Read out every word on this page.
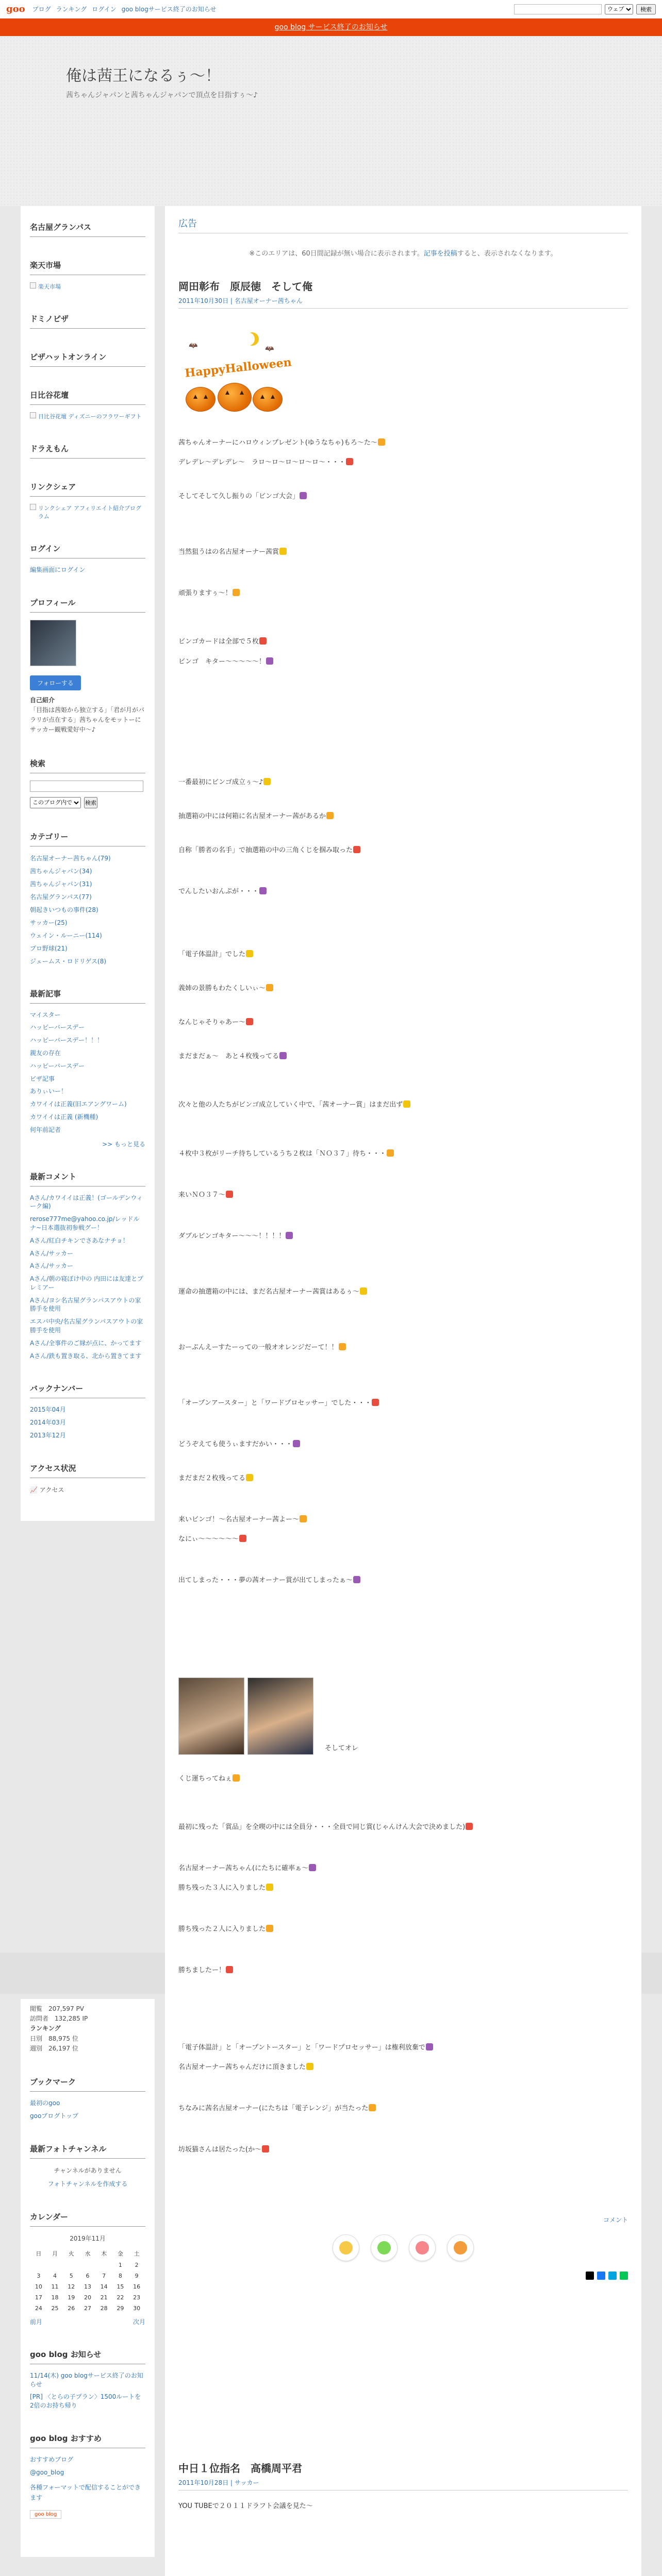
goo ブログ ランキング ログイン goo blogサービス終了のお知らせ
ウェブ	検索
goo blog サービス終了のお知らせ
俺は茜王になるぅ～！
茜ちゃんジャパンと茜ちゃんジャパンで頂点を目指すぅ～♪
名古屋グランパス
楽天市場
楽天市場
ドミノピザ
ピザハットオンライン
日比谷花壇
日比谷花壇 ディズニーのフラワーギフト
ドラえもん
リンクシェア
リンクシェア アフィリエイト紹介プログラム
ログイン
編集画面にログイン
プロフィール
フォローする
自己紹介
「目指は茜姫から独立する」「君が月がパラリが点在する」茜ちゃんをモットーにサッカー観戦愛好中～♪
検索
このブログ内で
検索
カテゴリー
名古屋オーナー茜ちゃん(79)
茜ちゃんジャパン(34)
茜ちゃんジャパン(31)
名古屋グランパス(77)
朝起きいつもの事件(28)
サッカー(25)
ウェイン・ルーニー(114)
プロ野球(21)
ジェームス・ロドリゲス(8)
最新記事
マイスター
ハッピーバースデー
ハッピーバースデー！！！
親友の存在
ハッピーバースデー
ビザ記事
ありぃいー！
カワイイは正義(旧エアングワーム)
カワイイは正義 (新機種)
何年前記者
>> もっと見る
最新コメント
Aさん/カワイイは正義！(ゴールデンウィーク編)
rerose777me@yahoo.co.jp/レッドルナ~日本選抜初参戦グー！
Aさん/紅白チキンでさあなナチョ！
Aさん/サッカー
Aさん/サッカー
Aさん/朝の寝ぼけ中の 内田には友達とプレミアー
Aさん/ヨシ名古屋グランパスアウトの家勝手を使用
エスパ中央/名古屋グランパスアウトの家勝手を使用
Aさん/全事件のご縁が点に、かってます
Aさん/鉄も置き取る、北から置きてます
バックナンバー
2015年04月
2014年03月
2013年12月
アクセス状況
📈 アクセス
閲覧　 207,597 PV
訪問者　 132,285 IP
ランキング
日別　 88,975 位
週別　 26,197 位
ブックマーク
最初のgoo
gooブログトップ
最新フォトチャンネル
チャンネルがありません
フォトチャンネルを作成する
カレンダー
2019年11月
日	月	火	水	木	金	土
					1	2
3	4	5	6	7	8	9
10	11	12	13	14	15	16
17	18	19	20	21	22	23
24	25	26	27	28	29	30
前月	次月
goo blog お知らせ
11/14(木) goo blogサービス終了のお知らせ
[PR] 〈とらの子プラン〉1500ルートを 2倍のお持ち帰り
goo blog おすすめ
おすすめブログ
@goo_blog
各種フォーマットで配信することができます
goo blog
広告
※このエリアは、60日間記録が無い場合に表示されます。記事を投稿すると、表示されなくなります。
岡田彰布　原辰徳　そして俺
2011年10月30日 | 名古屋オーナー茜ちゃん
🦇	🦇
HappyHalloween
茜ちゃんオーナーにハロウィンプレゼント(ゆうなちゃ)もろ～た～
デレデレ～デレデレ～　ラロ～ロ～ロ～ロ～ロ～・・・
そしてそして久し振りの「ビンゴ大会」
当然狙うはの名古屋オーナー茜賞
頑張りますぅ～！
ビンゴカードは全部で５枚
ビンゴ　キター～～～～～！
一番最初にビンゴ成立ぅ～♪
抽選箱の中には何箱に名古屋オーナー茜があるか
自称「勝者の名手」で抽選箱の中の三角くじを掴み取った
でんしたいおんぷが・・・
「電子体温計」でした
義姉の景勝もわたくしいぃ～
なんじゃそりゃあー～
まだまだぁ～　あと４枚残ってる
次々と他の人たちがビンゴ成立していく中で、「茜オーナー賞」はまだ出ず
４枚中３枚がリーチ待ちしているうち２枚は「ＮＯ３７」待ち・・・
来いＮＯ３７～
ダブルビンゴキター～～～！！！！
運命の抽選箱の中には、まだ名古屋オーナー茜賞はあるぅ～
おーぷんえーすたーっての一般オオレンジだーて！！
「オープンアースター」と「ワードプロセッサー」でした・・・
どうぞえても使うぃますだかい・・・
まだまだ２枚残ってる
来いビンゴ！～名古屋オーナー茜よー～
なにぃ～～～～～～
出てしまった・・・夢の茜オーナー賞が出てしまったぁ～
そしてオレ
くじ運ちってねぇ
最初に残った「賞品」を全喫の中には全員分・・・全員で同じ賞(じゃんけん大会で決めました)
名古屋オーナー茜ちゃん(にたちに確率ぁ～
勝ち残った３人に入りました
勝ち残った２人に入りました
勝ちましたー！
「電子体温計」と「オープントースター」と「ワードプロセッサー」は権利放棄で
名古屋オーナー茜ちゃんだけに頂きました
ちなみに茜名古屋オーナー(にたちは「電子レンジ」が当たった
坊坂猫さんは居たった(か～
コメント
中日１位指名　高橋周平君
2011年10月28日 | サッカー
YOU TUBEで２０１１ドラフト会議を見た～
